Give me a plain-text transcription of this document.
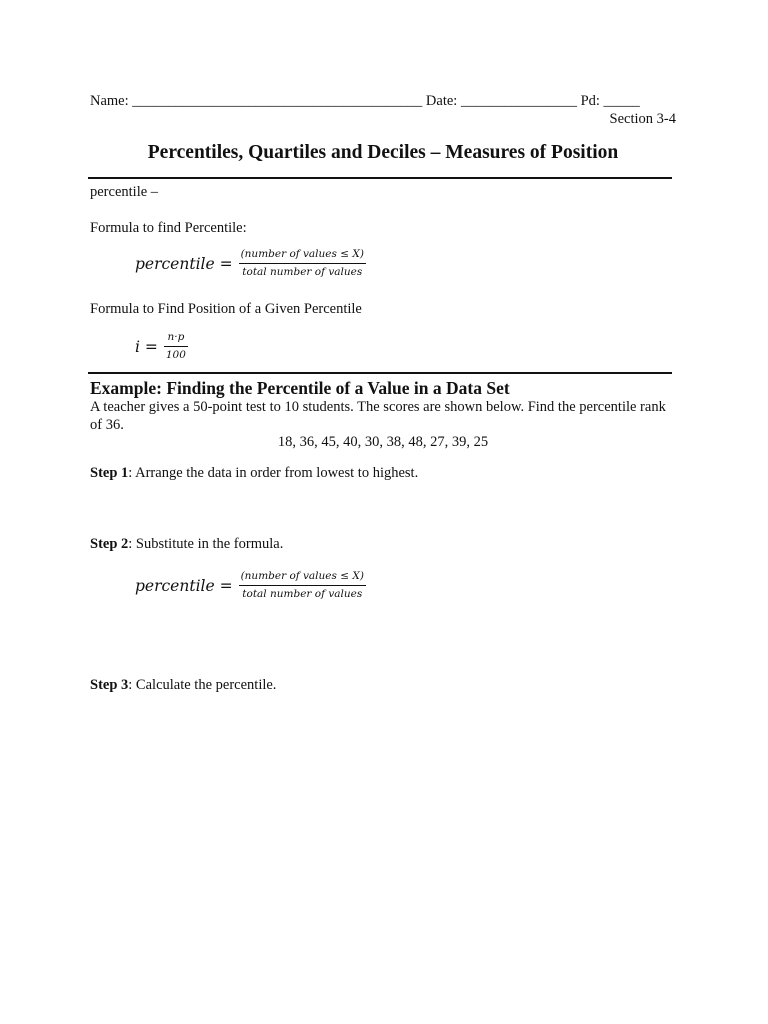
Name: ________________________________________ Date: ________________ Pd: _____
Section 3-4
Percentiles, Quartiles and Deciles – Measures of Position
percentile –
Formula to find Percentile:
percentile = $\frac{\text{(number of values ≤ X)}}{\text{total number of values}}$
Formula to Find Position of a Given Percentile
$i = \frac{n\cdot p}{100}$
Example: Finding the Percentile of a Value in a Data Set
A teacher gives a 50-point test to 10 students. The scores are shown below. Find the percentile rank of 36.
18, 36, 45, 40, 30, 38, 48, 27, 39, 25
Step 1: Arrange the data in order from lowest to highest.
Step 2: Substitute in the formula.
percentile = $\frac{\text{(number of values ≤ X)}}{\text{total number of values}}$
Step 3: Calculate the percentile.
